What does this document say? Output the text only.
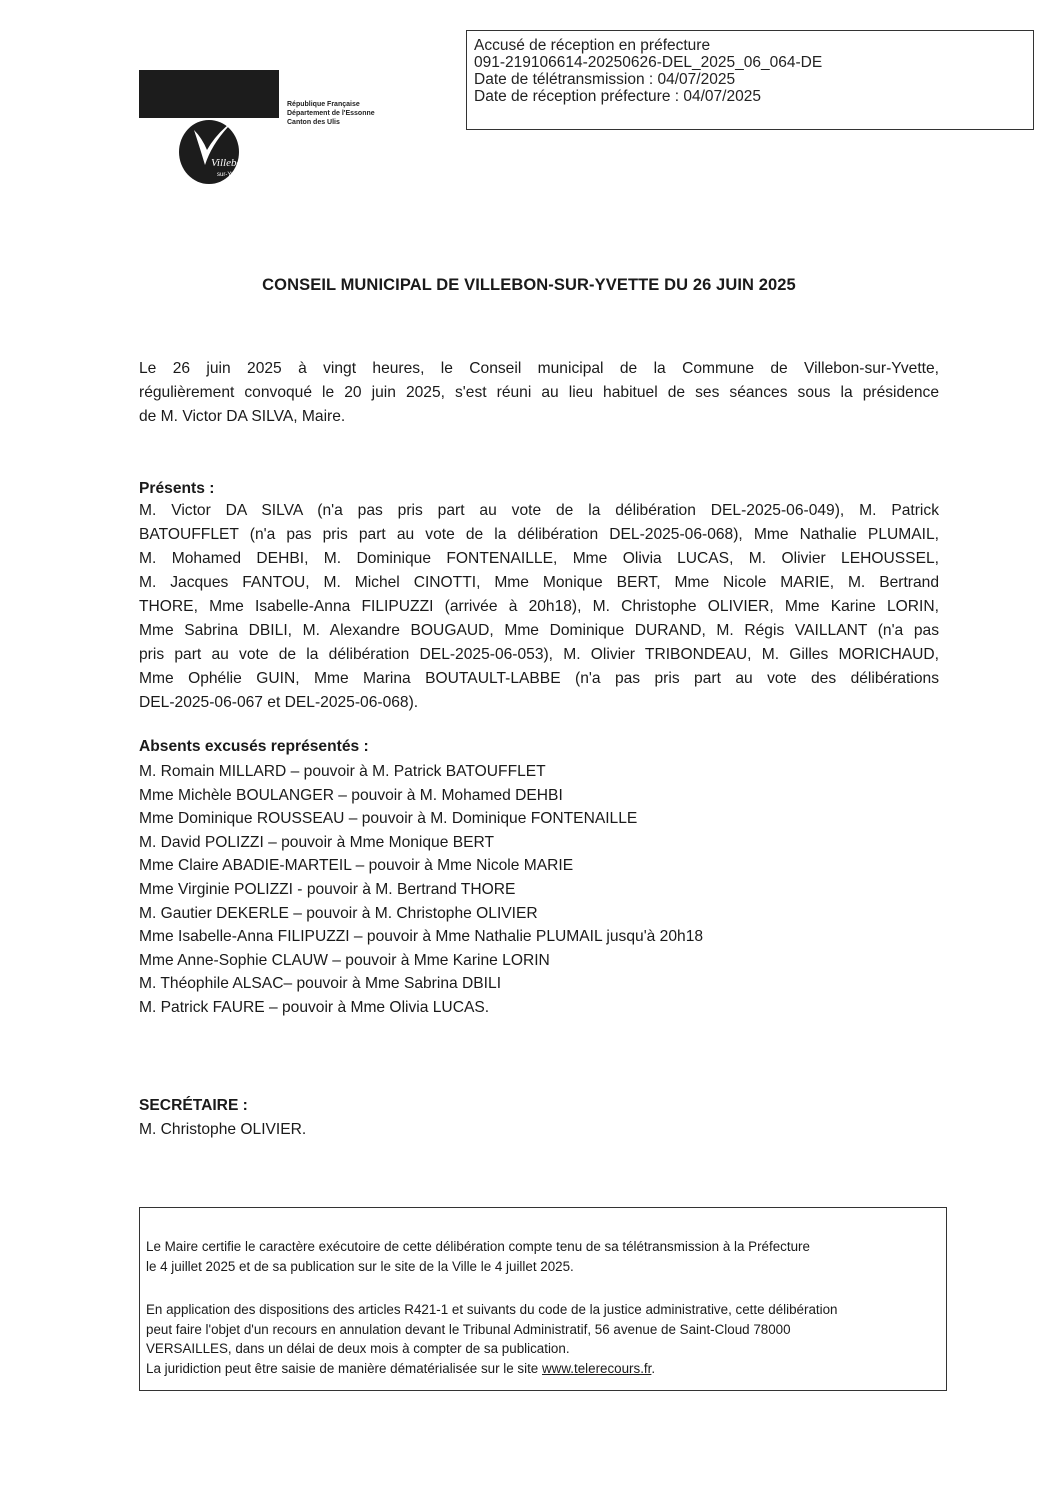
Accusé de réception en préfecture
091-219106614-20250626-DEL_2025_06_064-DE
Date de télétransmission : 04/07/2025
Date de réception préfecture : 04/07/2025
Villebon
sur-Yvette
République Française
Département de l'Essonne
Canton des Ulis
CONSEIL MUNICIPAL DE VILLEBON-SUR-YVETTE DU 26 JUIN 2025
Le 26 juin 2025 à vingt heures, le Conseil municipal de la Commune de Villebon-sur-Yvette,
régulièrement convoqué le 20 juin 2025, s'est réuni au lieu habituel de ses séances sous la présidence
de M. Victor DA SILVA, Maire.
Présents :
M. Victor DA SILVA (n'a pas pris part au vote de la délibération DEL-2025-06-049), M. Patrick
BATOUFFLET (n'a pas pris part au vote de la délibération DEL-2025-06-068), Mme Nathalie PLUMAIL,
M. Mohamed DEHBI, M. Dominique FONTENAILLE, Mme Olivia LUCAS, M. Olivier LEHOUSSEL,
M. Jacques FANTOU, M. Michel CINOTTI, Mme Monique BERT, Mme Nicole MARIE, M. Bertrand
THORE, Mme Isabelle-Anna FILIPUZZI (arrivée à 20h18), M. Christophe OLIVIER, Mme Karine LORIN,
Mme Sabrina DBILI, M. Alexandre BOUGAUD, Mme Dominique DURAND, M. Régis VAILLANT (n'a pas
pris part au vote de la délibération DEL-2025-06-053), M. Olivier TRIBONDEAU, M. Gilles MORICHAUD,
Mme Ophélie GUIN, Mme Marina BOUTAULT-LABBE (n'a pas pris part au vote des délibérations
DEL-2025-06-067 et DEL-2025-06-068).
Absents excusés représentés :
M. Romain MILLARD – pouvoir à M. Patrick BATOUFFLET
Mme Michèle BOULANGER – pouvoir à M. Mohamed DEHBI
Mme Dominique ROUSSEAU – pouvoir à M. Dominique FONTENAILLE
M. David POLIZZI – pouvoir à Mme Monique BERT
Mme Claire ABADIE-MARTEIL – pouvoir à Mme Nicole MARIE
Mme Virginie POLIZZI - pouvoir à M. Bertrand THORE
M. Gautier DEKERLE – pouvoir à M. Christophe OLIVIER
Mme Isabelle-Anna FILIPUZZI – pouvoir à Mme Nathalie PLUMAIL jusqu'à 20h18
Mme Anne-Sophie CLAUW – pouvoir à Mme Karine LORIN
M. Théophile ALSAC– pouvoir à Mme Sabrina DBILI
M. Patrick FAURE – pouvoir à Mme Olivia LUCAS.
SECRÉTAIRE :
M. Christophe OLIVIER.
Le Maire certifie le caractère exécutoire de cette délibération compte tenu de sa télétransmission à la Préfecture
le 4 juillet 2025 et de sa publication sur le site de la Ville le 4 juillet 2025.
En application des dispositions des articles R421-1 et suivants du code de la justice administrative, cette délibération
peut faire l'objet d'un recours en annulation devant le Tribunal Administratif, 56 avenue de Saint-Cloud 78000
VERSAILLES, dans un délai de deux mois à compter de sa publication.
La juridiction peut être saisie de manière dématérialisée sur le site www.telerecours.fr.
